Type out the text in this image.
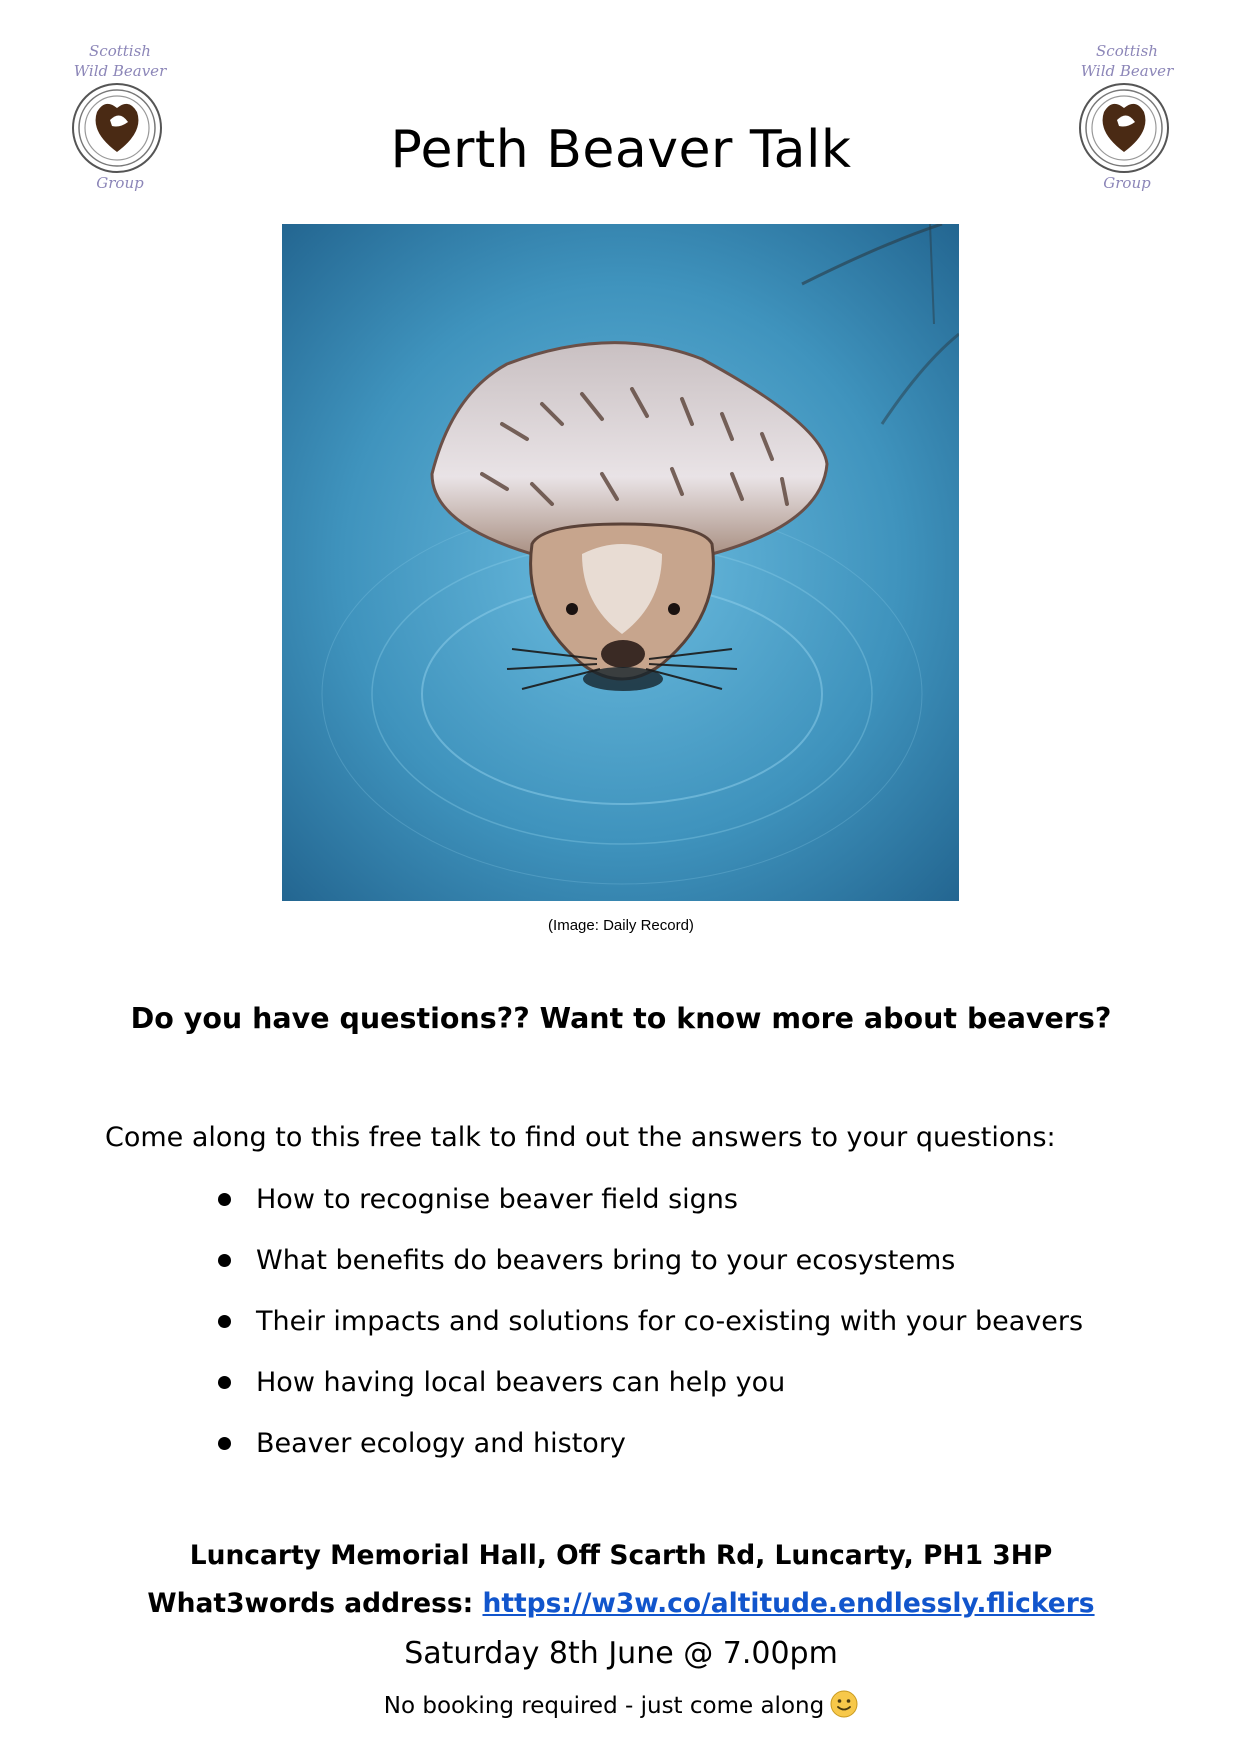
Scottish
Wild Beaver
Group
Scottish
Wild Beaver
Group
Perth Beaver Talk
(Image: Daily Record)
Do you have questions?? Want to know more about beavers?
Come along to this free talk to find out the answers to your questions:
How to recognise beaver field signs
What benefits do beavers bring to your ecosystems
Their impacts and solutions for co-existing with your beavers
How having local beavers can help you
Beaver ecology and history
Luncarty Memorial Hall, Off Scarth Rd, Luncarty, PH1 3HP
What3words address: https://w3w.co/altitude.endlessly.flickers
Saturday 8th June @ 7.00pm
No booking required - just come along
